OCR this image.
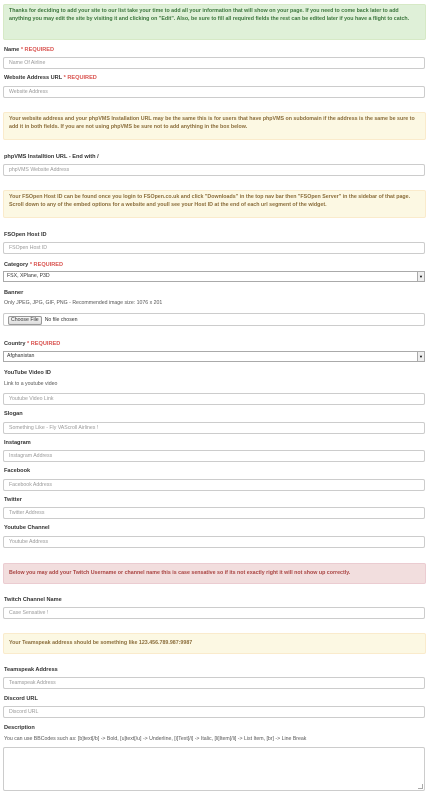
Thanks for deciding to add your site to our list take your time to add all your information that will show on your page. If you need to come back later to add anything you may edit the site by visiting it and clicking on "Edit". Also, be sure to fill all required fields the rest can be edited later if you have a flight to catch.
Name * REQUIRED
Name Of Airline
Website Address URL * REQUIRED
Website Address
Your website address and your phpVMS Installation URL may be the same this is for users that have phpVMS on subdomain if the address is the same be sure to add it in both fields. If you are not using phpVMS be sure not to add anything in the box below.
phpVMS Installtion URL - End with /
phpVMS Website Address
Your FSOpen Host ID can be found once you login to FSOpen.co.uk and click "Downloads" in the top nav bar then "FSOpen Server" in the sidebar of that page. Scroll down to any of the embed options for a website and youll see your Host ID at the end of each url segment of the widget.
FSOpen Host ID
FSOpen Host ID
Category * REQUIRED
FSX, XPlane, P3D	▼
Banner
Only JPEG, JPG, GIF, PNG - Recommended image size: 1076 x 201
Choose File No file chosen
Country * REQUIRED
Afghanistan	▼
YouTube Video ID
Link to a youtube video
Youtube Video Link
Slogan
Something Like - Fly VAScroll Airlines !
Instagram
Instagram Address
Facebook
Facebook Address
Twitter
Twitter Address
Youtube Channel
Youtube Address
Below you may add your Twitch Username or channel name this is case sensative so if its not exactly right it will not show up correctly.
Twitch Channel Name
Case Sensative !
Your Teamspeak address should be something like 123.456.789.987:9987
Teamspeak Address
Teamspeak Address
Discord URL
Discord URL
Description
You can use BBCodes such as: [b]text[/b] -> Bold, [u]text[/u] -> Underline, [i]Text[/i] -> Italic, [li]Item[/li] -> List Item, [br] -> Line Break
